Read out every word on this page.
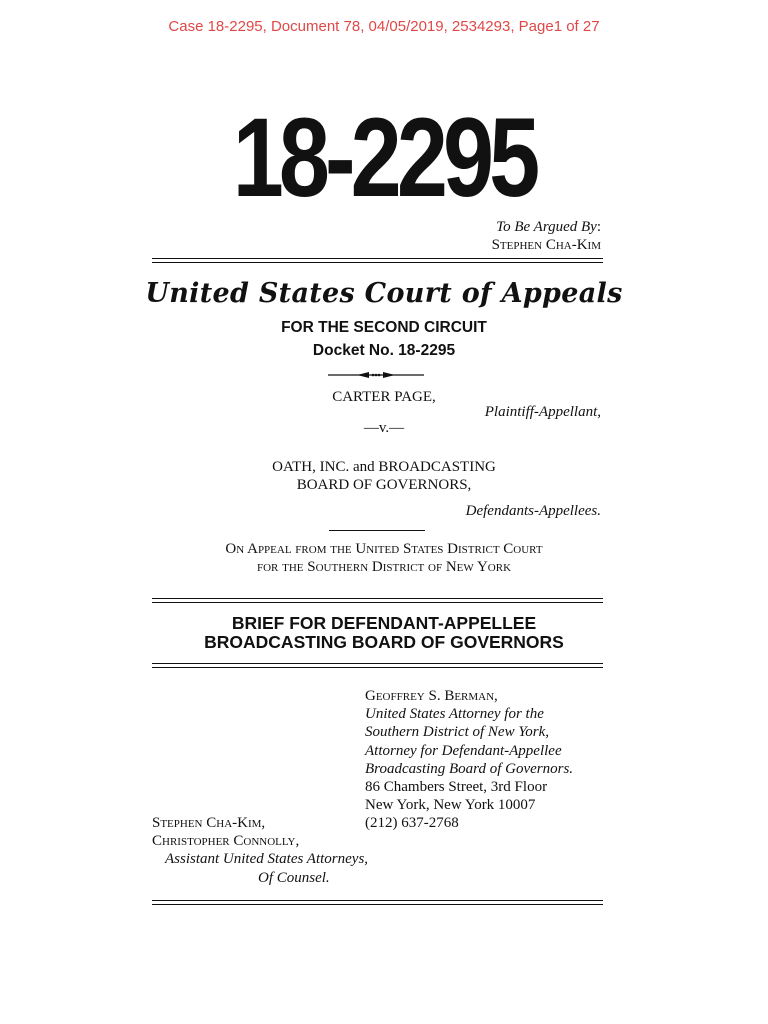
Case 18-2295, Document 78, 04/05/2019, 2534293, Page1 of 27
18-2295
To Be Argued By:
Stephen Cha-Kim
United States Court of Appeals
FOR THE SECOND CIRCUIT
Docket No. 18-2295
CARTER PAGE,
Plaintiff-Appellant,
—v.—
OATH, INC. and BROADCASTING
BOARD OF GOVERNORS,
Defendants-Appellees.
On Appeal from the United States District Court
for the Southern District of New York
BRIEF FOR DEFENDANT-APPELLEE
BROADCASTING BOARD OF GOVERNORS
Geoffrey S. Berman,
United States Attorney for the
Southern District of New York,
Attorney for Defendant-Appellee
Broadcasting Board of Governors.
86 Chambers Street, 3rd Floor
New York, New York 10007
(212) 637-2768
Stephen Cha-Kim,
Christopher Connolly,
Assistant United States Attorneys,
Of Counsel.
